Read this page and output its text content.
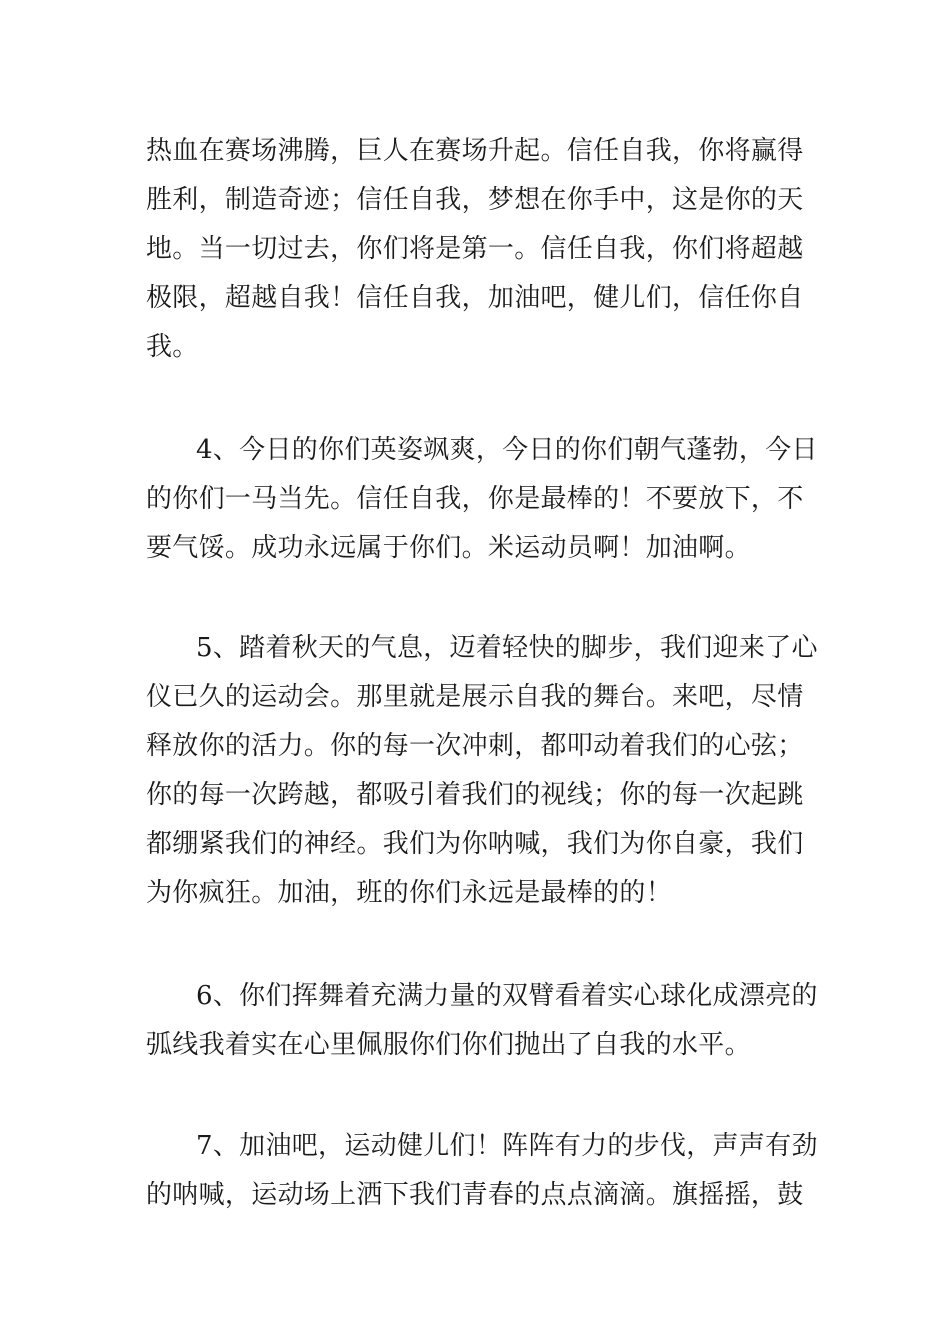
热血在赛场沸腾，巨人在赛场升起。信任自我，你将赢得
胜利，制造奇迹；信任自我，梦想在你手中，这是你的天
地。当一切过去，你们将是第一。信任自我，你们将超越
极限，超越自我！信任自我，加油吧，健儿们，信任你自
我。
4、今日的你们英姿飒爽，今日的你们朝气蓬勃，今日
的你们一马当先。信任自我，你是最棒的！不要放下，不
要气馁。成功永远属于你们。米运动员啊！加油啊。
5、踏着秋天的气息，迈着轻快的脚步，我们迎来了心
仪已久的运动会。那里就是展示自我的舞台。来吧，尽情
释放你的活力。你的每一次冲刺，都叩动着我们的心弦；
你的每一次跨越，都吸引着我们的视线；你的每一次起跳
都绷紧我们的神经。我们为你呐喊，我们为你自豪，我们
为你疯狂。加油，班的你们永远是最棒的的！
6、你们挥舞着充满力量的双臂看着实心球化成漂亮的
弧线我着实在心里佩服你们你们抛出了自我的水平。
7、加油吧，运动健儿们！阵阵有力的步伐，声声有劲
的呐喊，运动场上洒下我们青春的点点滴滴。旗摇摇，鼓
